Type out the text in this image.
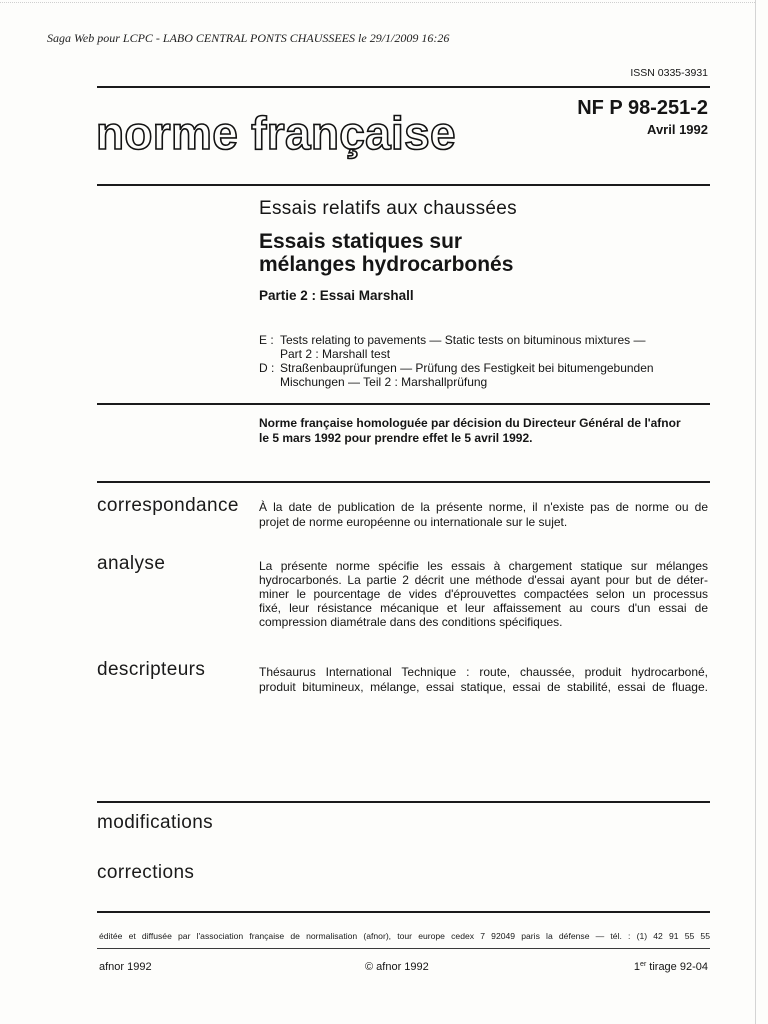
Saga Web pour LCPC - LABO CENTRAL PONTS CHAUSSEES le 29/1/2009 16:26
ISSN 0335-3931
NF P 98-251-2
Avril 1992
norme française
Essais relatifs aux chaussées
Essais statiques sur
mélanges hydrocarbonés
Partie 2 : Essai Marshall
E : Tests relating to pavements — Static tests on bituminous mixtures —
Part 2 : Marshall test
D : Straßenbauprüfungen — Prüfung des Festigkeit bei bitumengebunden
Mischungen — Teil 2 : Marshallprüfung
Norme française homologuée par décision du Directeur Général de l'afnor
le 5 mars 1992 pour prendre effet le 5 avril 1992.
correspondance À la date de publication de la présente norme, il n'existe pas de norme ou de
projet de norme européenne ou internationale sur le sujet.
analyse	La présente norme spécifie les essais à chargement statique sur mélanges
hydrocarbonés. La partie 2 décrit une méthode d'essai ayant pour but de déter-
miner le pourcentage de vides d'éprouvettes compactées selon un processus
fixé, leur résistance mécanique et leur affaissement au cours d'un essai de
compression diamétrale dans des conditions spécifiques.
descripteurs	Thésaurus International Technique : route, chaussée, produit hydrocarboné,
produit bitumineux, mélange, essai statique, essai de stabilité, essai de fluage.
modifications
corrections
éditée et diffusée par l'association française de normalisation (afnor), tour europe cedex 7 92049 paris la défense — tél. : (1) 42 91 55 55
afnor 1992	© afnor 1992	1er tirage 92-04
